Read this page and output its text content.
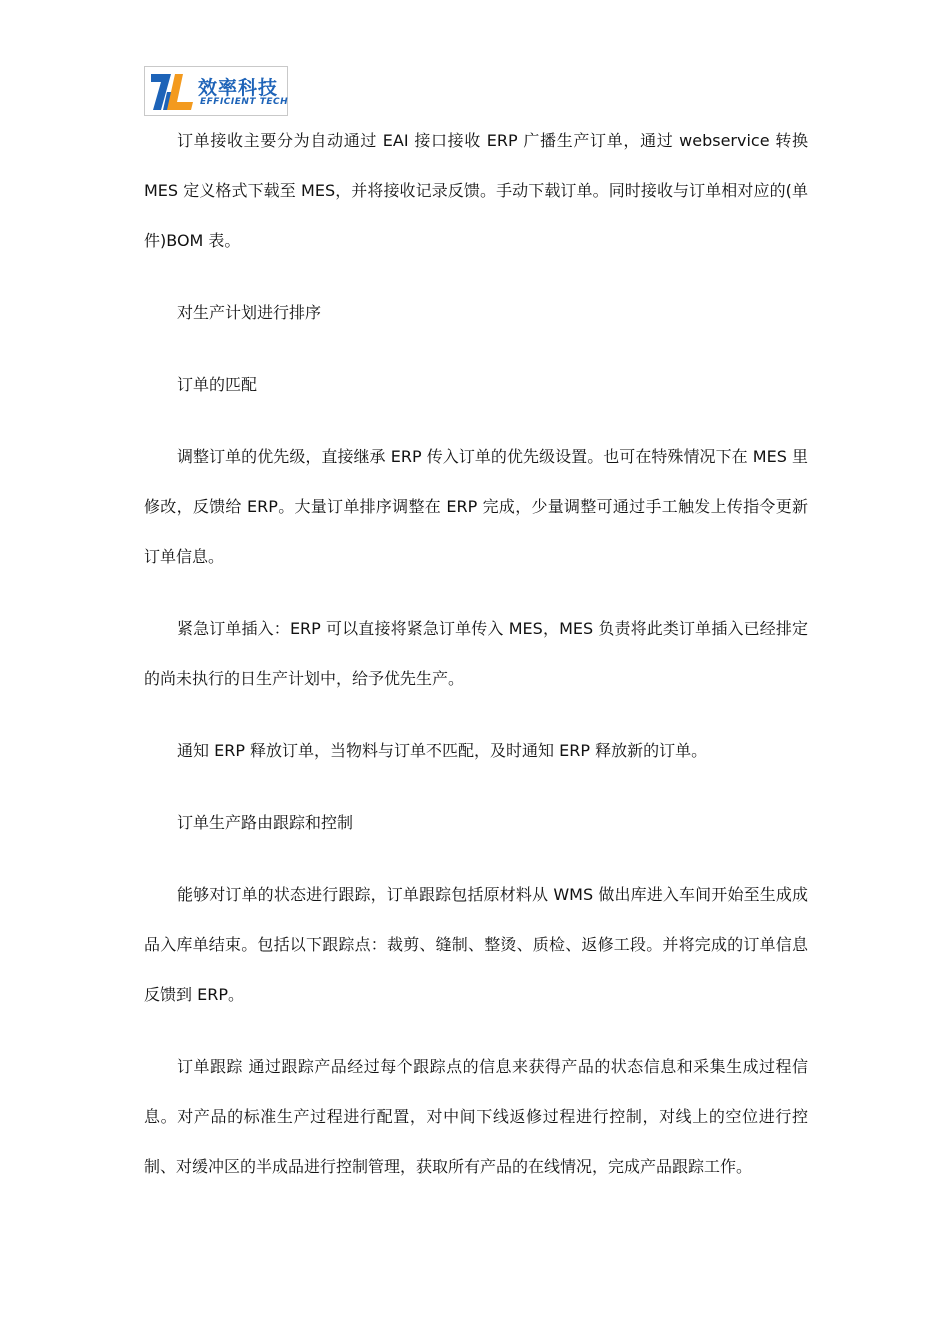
效率科技
EFFICIENT TECH

订单接收主要分为自动通过 EAI 接口接收 ERP 广播生产订单，通过 webservice 转换 MES 定义格式下载至 MES，并将接收记录反馈。手动下载订单。同时接收与订单相对应的(单件)BOM 表。

对生产计划进行排序

订单的匹配

调整订单的优先级，直接继承 ERP 传入订单的优先级设置。也可在特殊情况下在 MES 里修改，反馈给 ERP。大量订单排序调整在 ERP 完成，少量调整可通过手工触发上传指令更新订单信息。

紧急订单插入：ERP 可以直接将紧急订单传入 MES，MES 负责将此类订单插入已经排定的尚未执行的日生产计划中，给予优先生产。

通知 ERP 释放订单，当物料与订单不匹配，及时通知 ERP 释放新的订单。

订单生产路由跟踪和控制

能够对订单的状态进行跟踪，订单跟踪包括原材料从 WMS 做出库进入车间开始至生成成品入库单结束。包括以下跟踪点：裁剪、缝制、整烫、质检、返修工段。并将完成的订单信息反馈到 ERP。

订单跟踪 通过跟踪产品经过每个跟踪点的信息来获得产品的状态信息和采集生成过程信息。对产品的标准生产过程进行配置，对中间下线返修过程进行控制，对线上的空位进行控制、对缓冲区的半成品进行控制管理，获取所有产品的在线情况，完成产品跟踪工作。
